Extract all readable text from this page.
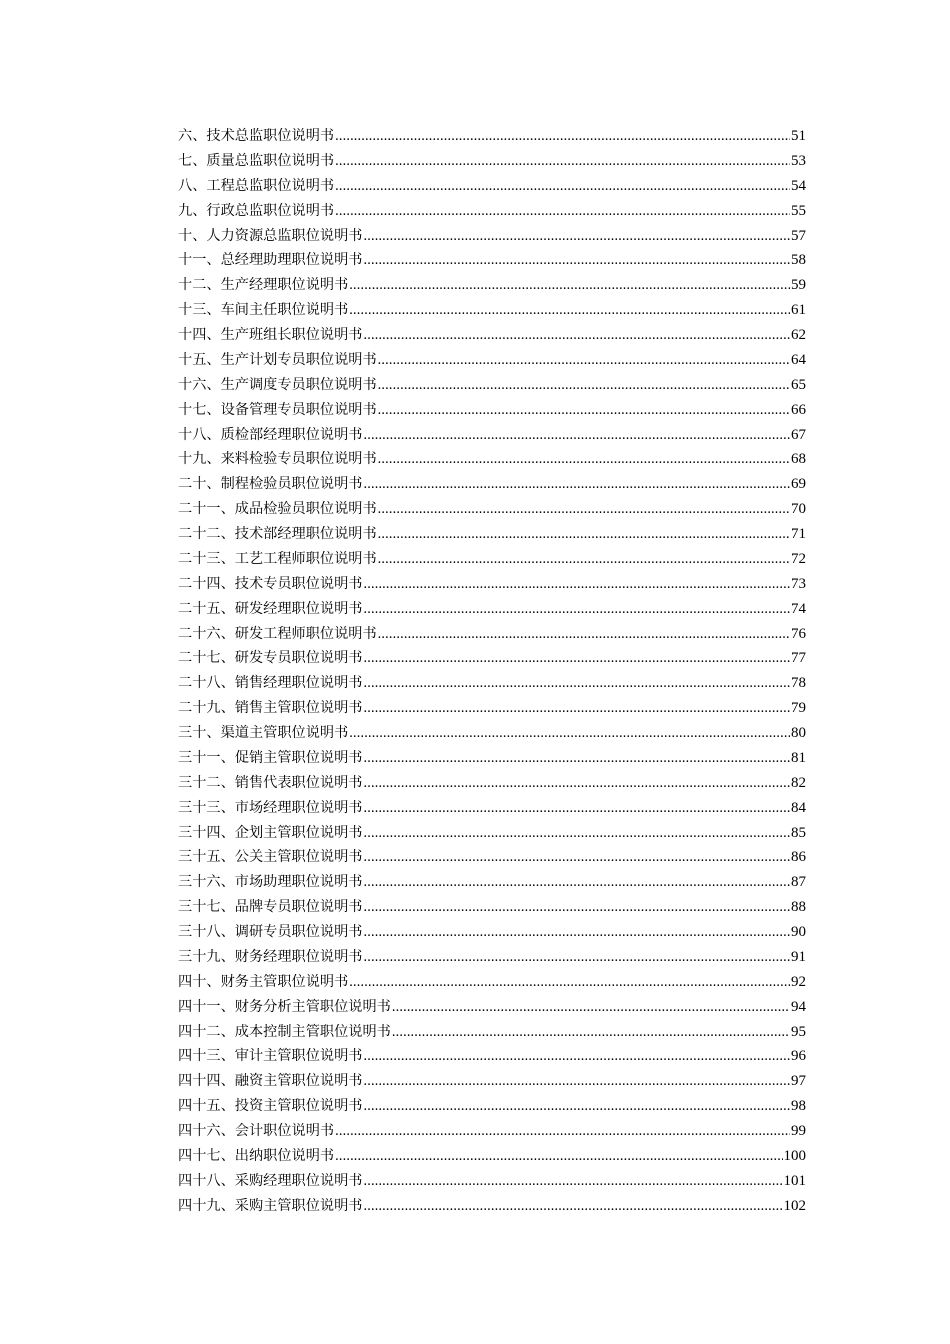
六、技术总监职位说明书 .....	51
七、质量总监职位说明书 .....	53
八、工程总监职位说明书 .....	54
九、行政总监职位说明书 .....	55
十、人力资源总监职位说明书 .....	57
十一、总经理助理职位说明书 .....	58
十二、生产经理职位说明书 .....	59
十三、车间主任职位说明书 .....	61
十四、生产班组长职位说明书 .....	62
十五、生产计划专员职位说明书 .....	64
十六、生产调度专员职位说明书 .....	65
十七、设备管理专员职位说明书 .....	66
十八、质检部经理职位说明书 .....	67
十九、来料检验专员职位说明书 .....	68
二十、制程检验员职位说明书 .....	69
二十一、成品检验员职位说明书 .....	70
二十二、技术部经理职位说明书 .....	71
二十三、工艺工程师职位说明书 .....	72
二十四、技术专员职位说明书 .....	73
二十五、研发经理职位说明书 .....	74
二十六、研发工程师职位说明书 .....	76
二十七、研发专员职位说明书 .....	77
二十八、销售经理职位说明书 .....	78
二十九、销售主管职位说明书 .....	79
三十、渠道主管职位说明书 .....	80
三十一、促销主管职位说明书 .....	81
三十二、销售代表职位说明书 .....	82
三十三、市场经理职位说明书 .....	84
三十四、企划主管职位说明书 .....	85
三十五、公关主管职位说明书 .....	86
三十六、市场助理职位说明书 .....	87
三十七、品牌专员职位说明书 .....	88
三十八、调研专员职位说明书 .....	90
三十九、财务经理职位说明书 .....	91
四十、财务主管职位说明书 .....	92
四十一、财务分析主管职位说明书 .....	94
四十二、成本控制主管职位说明书 .....	95
四十三、审计主管职位说明书 .....	96
四十四、融资主管职位说明书 .....	97
四十五、投资主管职位说明书 .....	98
四十六、会计职位说明书 .....	99
四十七、出纳职位说明书 .....	100
四十八、采购经理职位说明书 .....	101
四十九、采购主管职位说明书 .....	102
